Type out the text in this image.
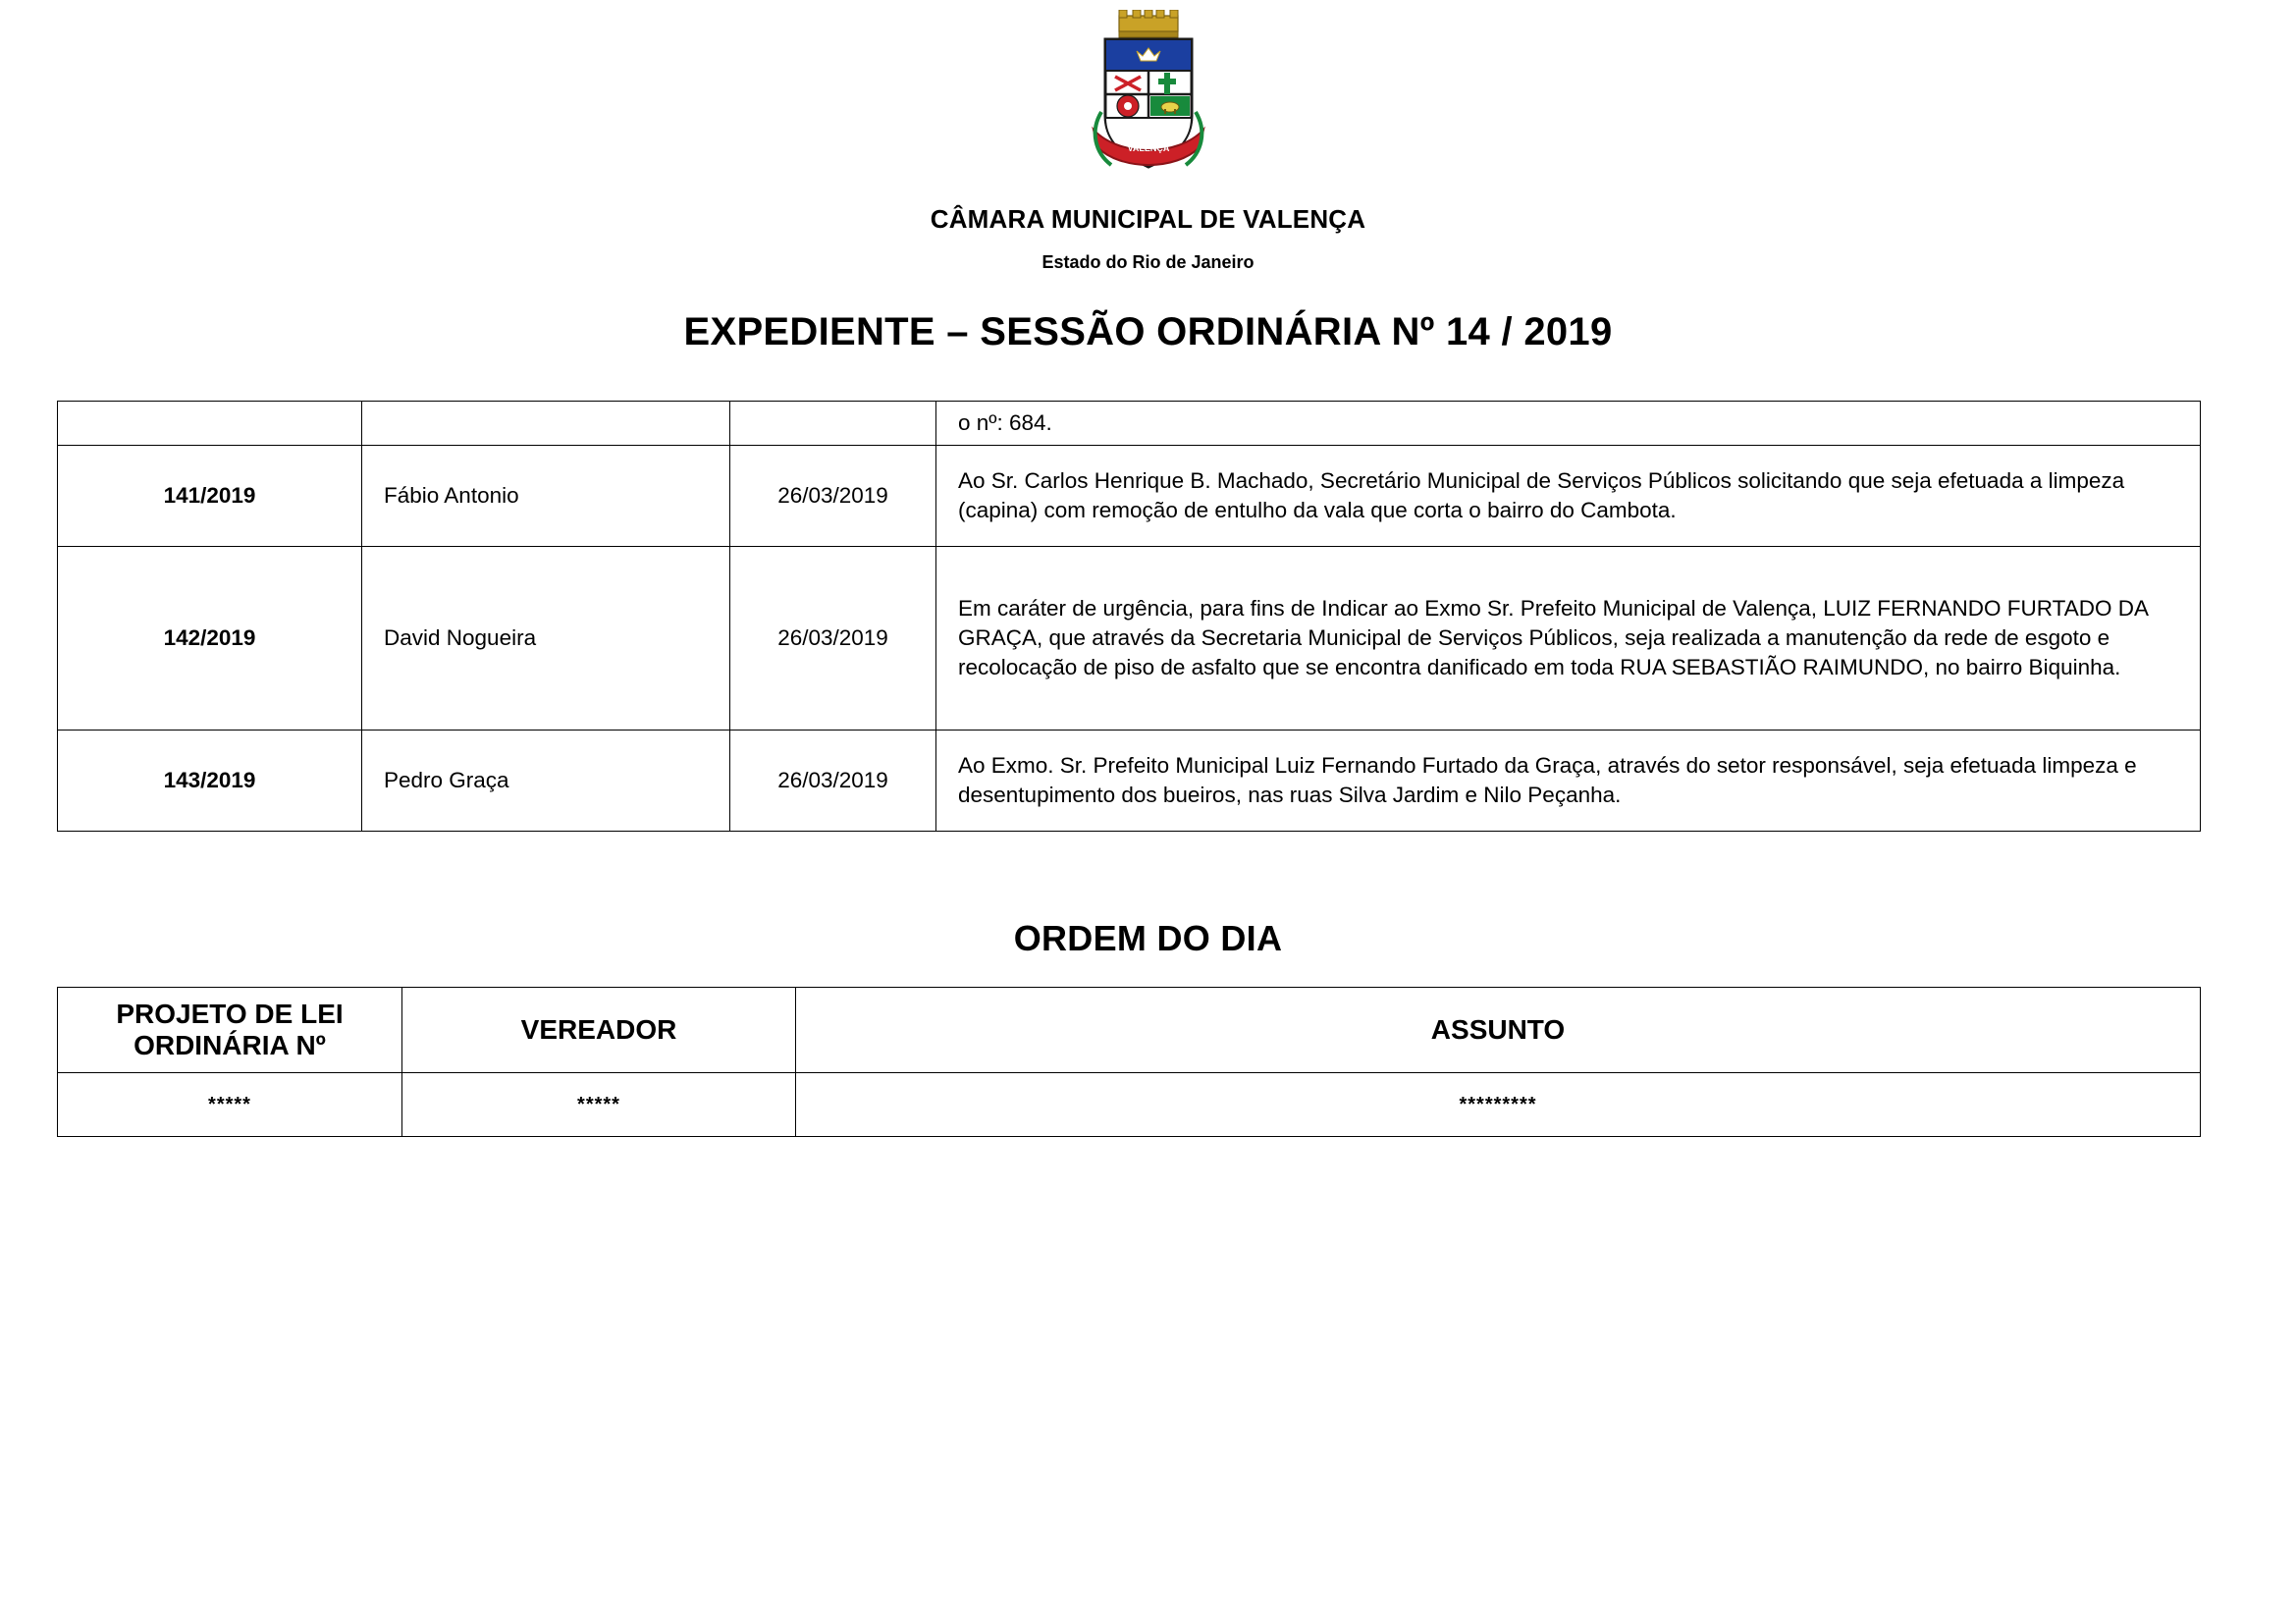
VALENÇA
CÂMARA MUNICIPAL DE VALENÇA
Estado do Rio de Janeiro
EXPEDIENTE – SESSÃO ORDINÁRIA Nº 14 / 2019
			o nº: 684.
141/2019	Fábio Antonio	26/03/2019	Ao Sr. Carlos Henrique B. Machado, Secretário Municipal de Serviços Públicos solicitando que seja efetuada a limpeza (capina) com remoção de entulho da vala que corta o bairro do Cambota.
142/2019	David Nogueira	26/03/2019	Em caráter de urgência, para fins de Indicar ao Exmo Sr. Prefeito Municipal de Valença, LUIZ FERNANDO FURTADO DA GRAÇA, que através da Secretaria Municipal de Serviços Públicos, seja realizada a manutenção da rede de esgoto e recolocação de piso de asfalto que se encontra danificado em toda RUA SEBASTIÃO RAIMUNDO, no bairro Biquinha.
143/2019	Pedro Graça	26/03/2019	Ao Exmo. Sr. Prefeito Municipal Luiz Fernando Furtado da Graça, através do setor responsável, seja efetuada limpeza e desentupimento dos bueiros, nas ruas Silva Jardim e Nilo Peçanha.
ORDEM DO DIA
PROJETO DE LEI ORDINÁRIA Nº	VEREADOR	ASSUNTO
*****	*****	*********
